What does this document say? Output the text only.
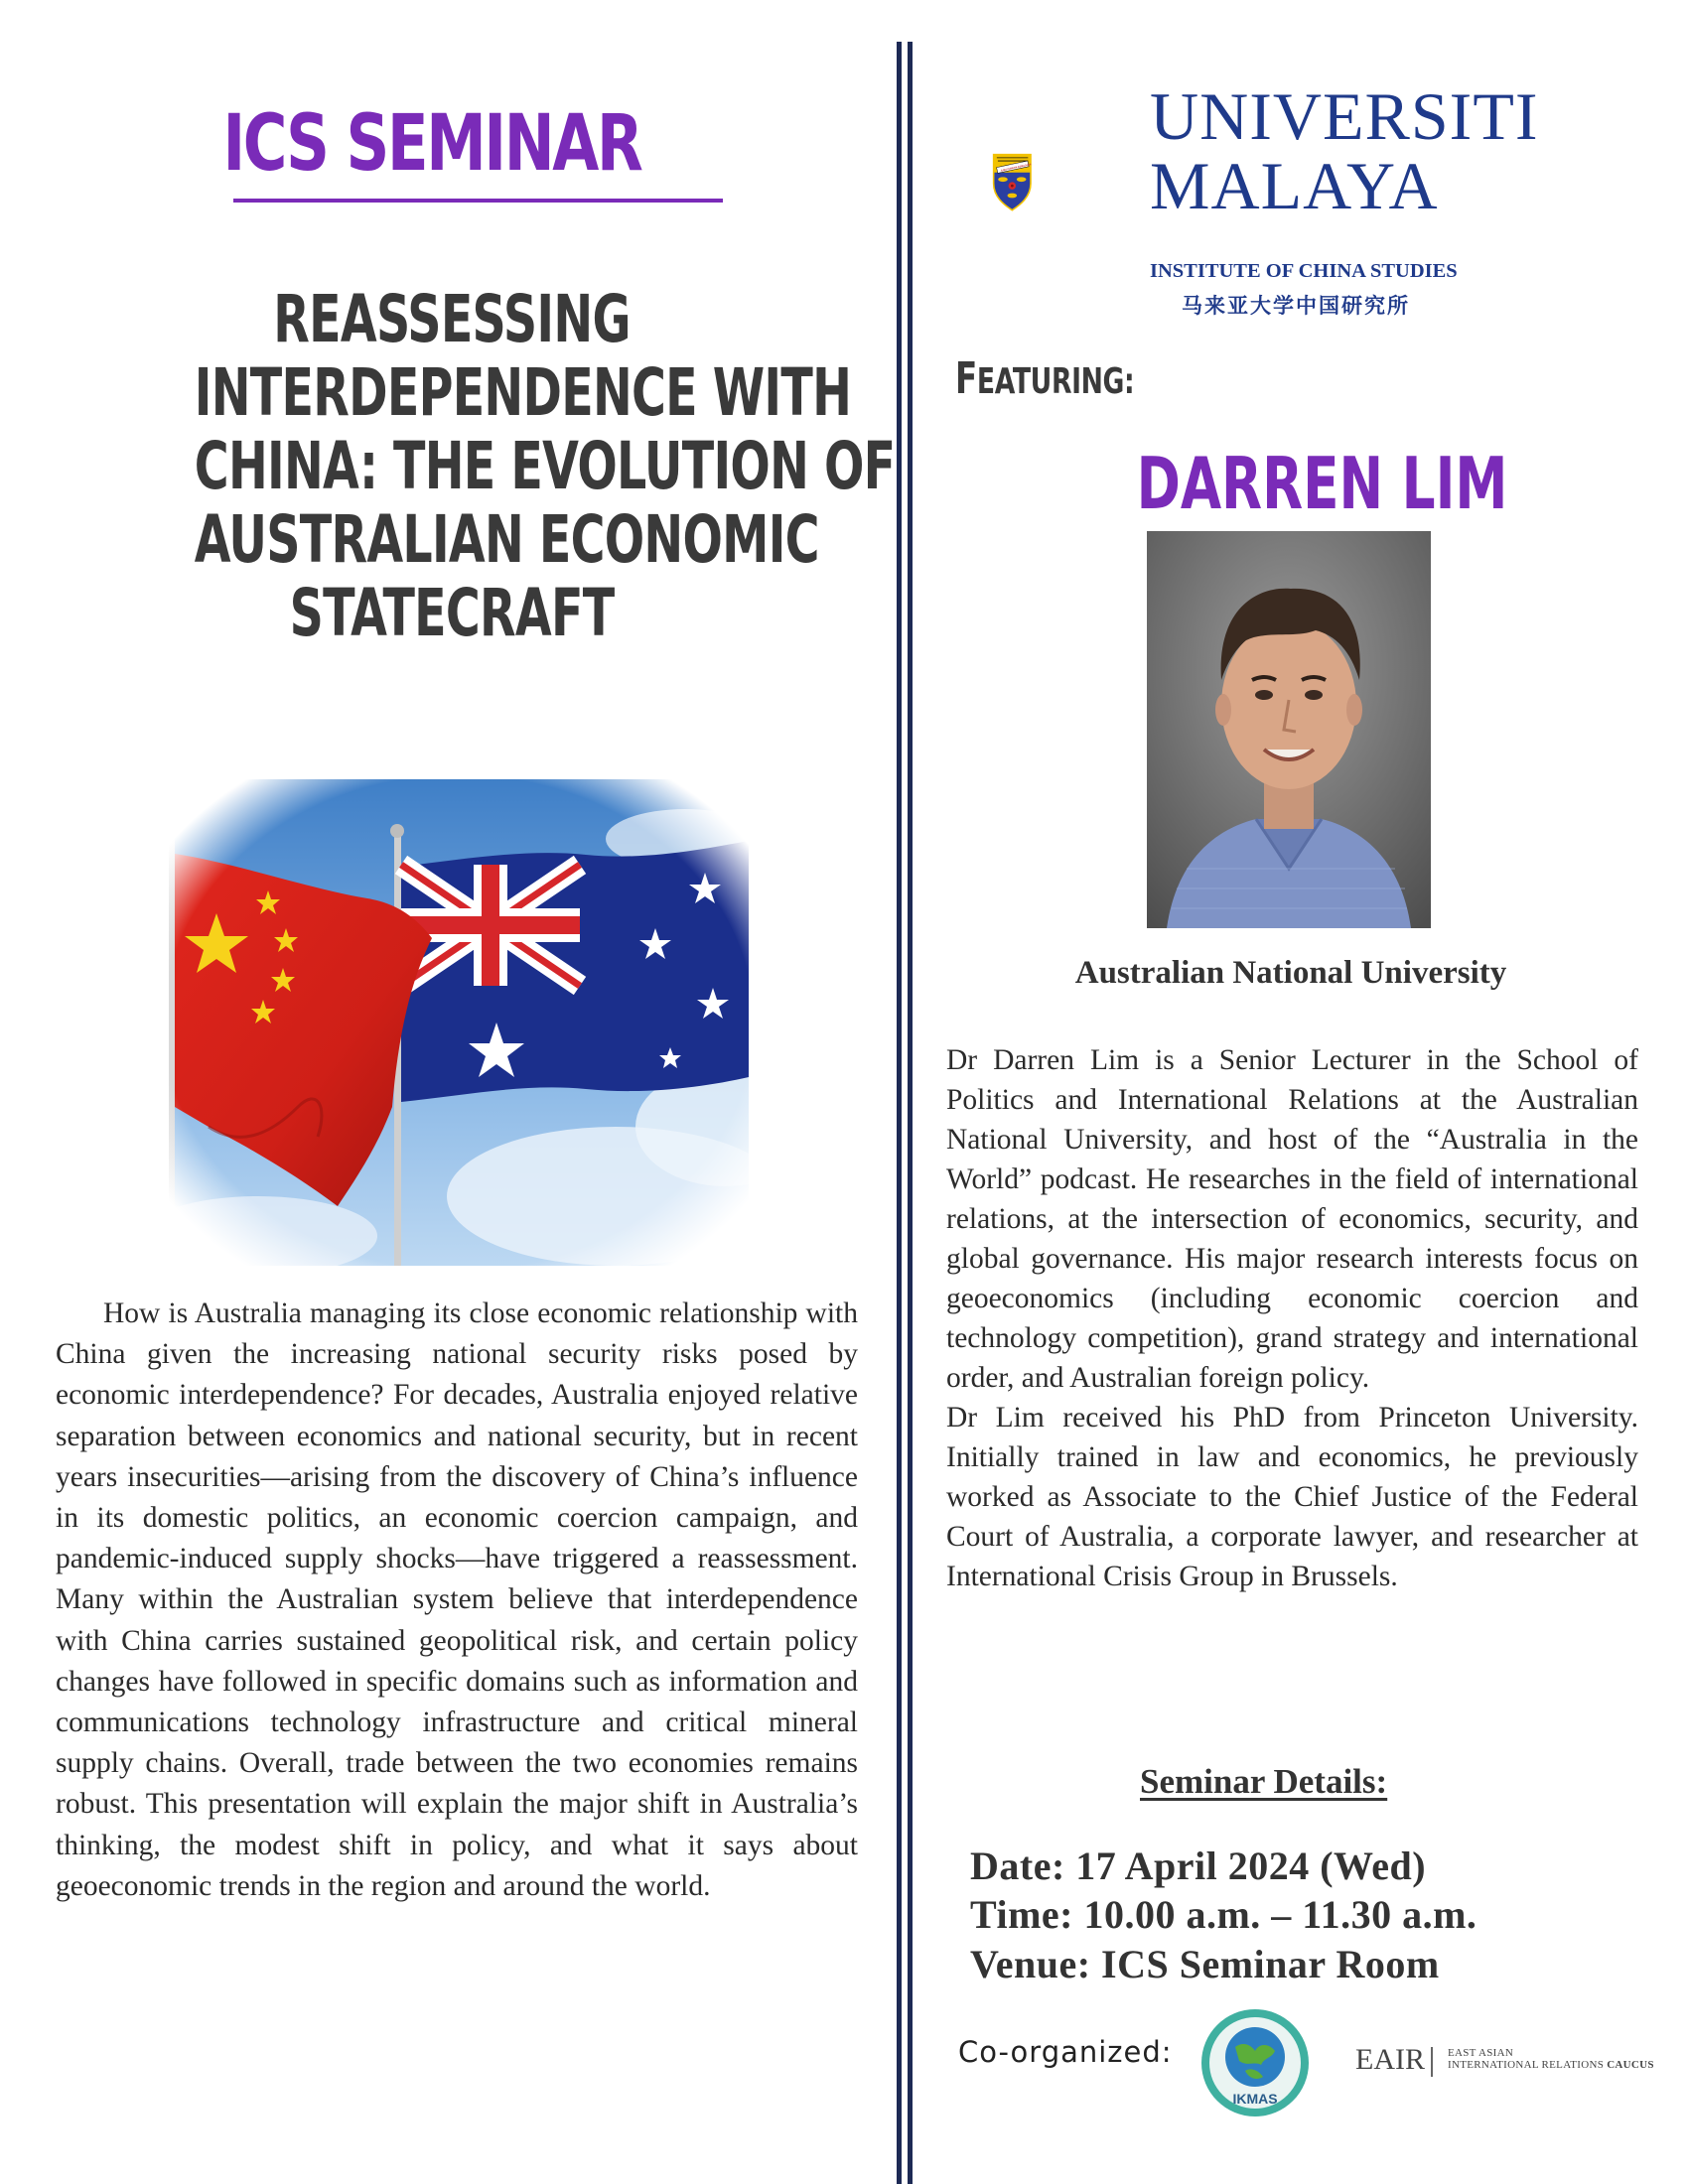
ICS SEMINAR
REASSESSING
INTERDEPENDENCE WITH
CHINA: THE EVOLUTION OF
AUSTRALIAN ECONOMIC
STATECRAFT

How is Australia managing its close economic relationship with China given the increasing national security risks posed by economic interdependence? For decades, Australia enjoyed relative separation between economics and national security, but in recent years insecurities—arising from the discovery of China’s influence in its domestic politics, an economic coercion campaign, and pandemic-induced supply shocks—have triggered a reassessment. Many within the Australian system believe that interdependence with China carries sustained geopolitical risk, and certain policy changes have followed in specific domains such as information and communications technology infrastructure and critical mineral supply chains. Overall, trade between the two economies remains robust. This presentation will explain the major shift in Australia’s thinking, the modest shift in policy, and what it says about geoeconomic trends in the region and around the world.

ILMU PUNCHA KEMAJUAN
UNIVERSITI
MALAYA
INSTITUTE OF CHINA STUDIES
马来亚大学中国研究所
FEATURING:
DARREN LIM
Australian National University
Dr Darren Lim is a Senior Lecturer in the School of Politics and International Relations at the Australian National University, and host of the “Australia in the World” podcast. He researches in the field of international relations, at the intersection of economics, security, and global governance. His major research interests focus on geoeconomics (including economic coercion and technology competition), grand strategy and international order, and Australian foreign policy.
Dr Lim received his PhD from Princeton University. Initially trained in law and economics, he previously worked as Associate to the Chief Justice of the Federal Court of Australia, a corporate lawyer, and researcher at International Crisis Group in Brussels.
Seminar Details:
Date: 17 April 2024 (Wed)
Time: 10.00 a.m. – 11.30 a.m.
Venue: ICS Seminar Room
Co-organized:
IKMAS
EAIR	EAST ASIAN
INTERNATIONAL RELATIONS CAUCUS
